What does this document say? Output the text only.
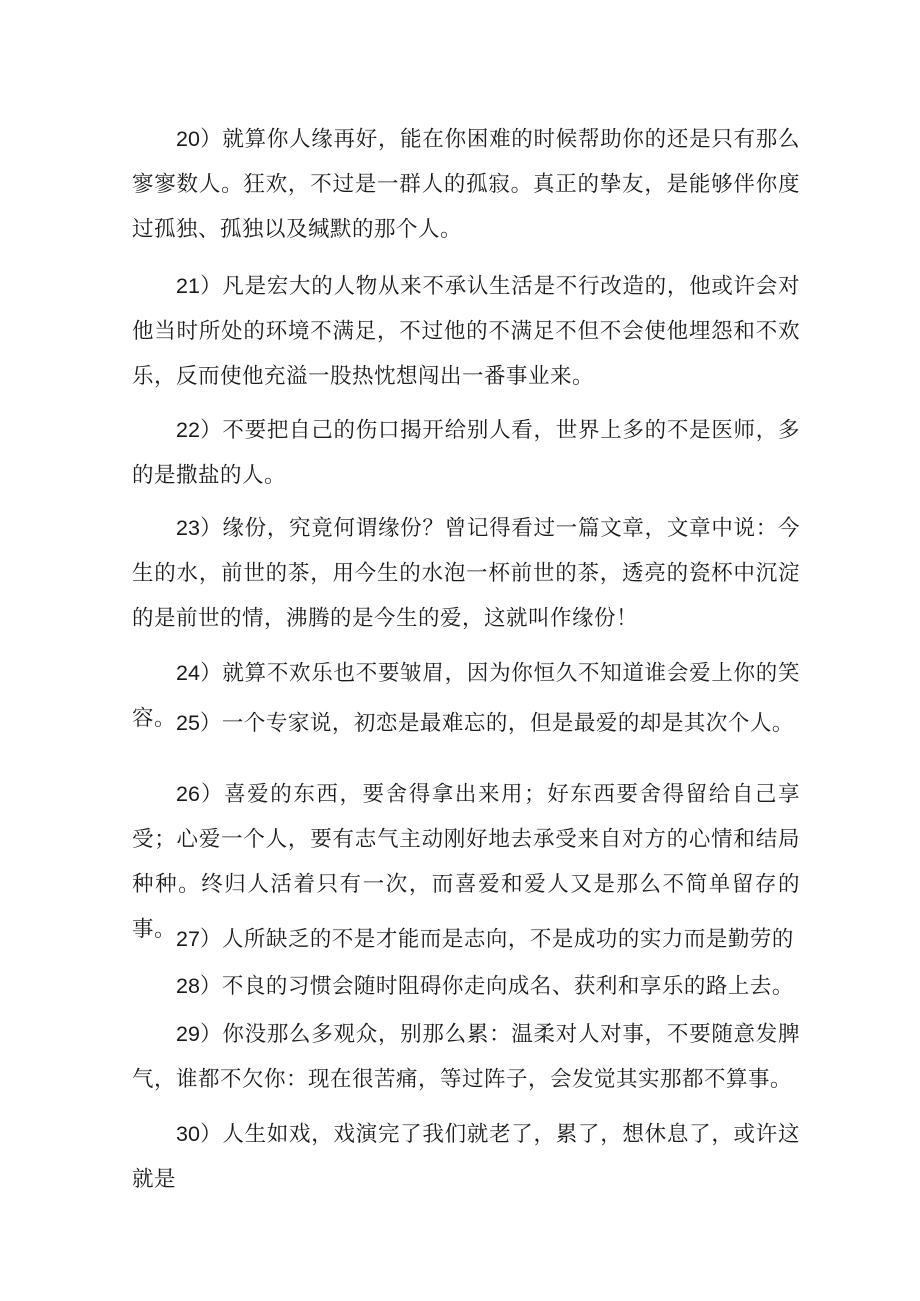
20）就算你人缘再好，能在你困难的时候帮助你的还是只有那么寥寥数人。狂欢，不过是一群人的孤寂。真正的挚友，是能够伴你度过孤独、孤独以及缄默的那个人。

21）凡是宏大的人物从来不承认生活是不行改造的，他或许会对他当时所处的环境不满足，不过他的不满足不但不会使他埋怨和不欢乐，反而使他充溢一股热忱想闯出一番事业来。

22）不要把自己的伤口揭开给别人看，世界上多的不是医师，多的是撒盐的人。

23）缘份，究竟何谓缘份？曾记得看过一篇文章，文章中说：今生的水，前世的茶，用今生的水泡一杯前世的茶，透亮的瓷杯中沉淀的是前世的情，沸腾的是今生的爱，这就叫作缘份！

24）就算不欢乐也不要皱眉，因为你恒久不知道谁会爱上你的笑容。 25）一个专家说，初恋是最难忘的，但是最爱的却是其次个人。

26）喜爱的东西，要舍得拿出来用；好东西要舍得留给自己享受；心爱一个人，要有志气主动刚好地去承受来自对方的心情和结局种种。终归人活着只有一次，而喜爱和爱人又是那么不简单留存的事。 27）人所缺乏的不是才能而是志向，不是成功的实力而是勤劳的

28）不良的习惯会随时阻碍你走向成名、获利和享乐的路上去。

29）你没那么多观众，别那么累：温柔对人对事，不要随意发脾气，谁都不欠你：现在很苦痛，等过阵子，会发觉其实那都不算事。

30）人生如戏，戏演完了我们就老了，累了，想休息了，或许这就是
